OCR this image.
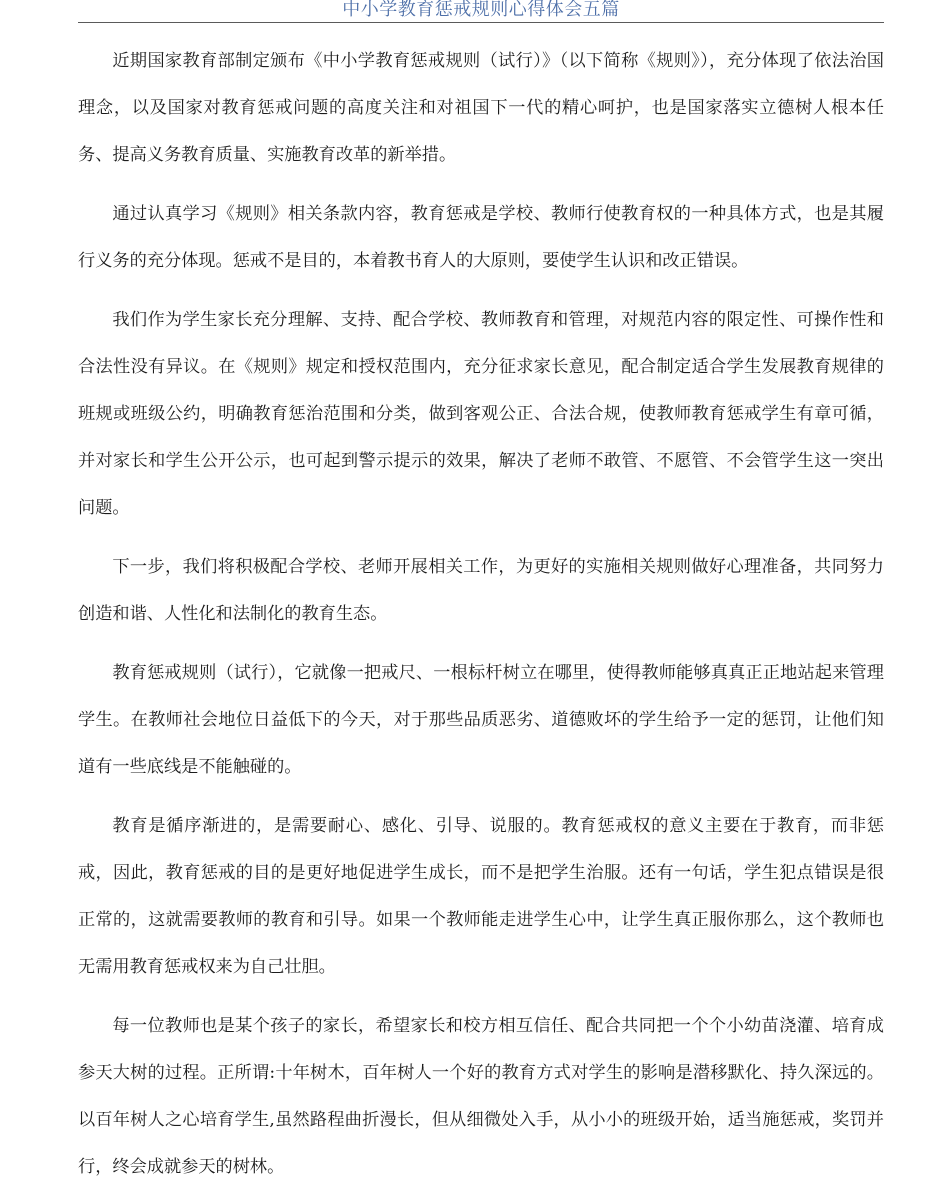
中小学教育惩戒规则心得体会五篇

近期国家教育部制定颁布《中小学教育惩戒规则（试行）》（以下简称《规则》），充分体现了依法治国理念，以及国家对教育惩戒问题的高度关注和对祖国下一代的精心呵护，也是国家落实立德树人根本任务、提高义务教育质量、实施教育改革的新举措。

通过认真学习《规则》相关条款内容，教育惩戒是学校、教师行使教育权的一种具体方式，也是其履行义务的充分体现。惩戒不是目的，本着教书育人的大原则，要使学生认识和改正错误。

我们作为学生家长充分理解、支持、配合学校、教师教育和管理，对规范内容的限定性、可操作性和合法性没有异议。在《规则》规定和授权范围内，充分征求家长意见，配合制定适合学生发展教育规律的班规或班级公约，明确教育惩治范围和分类，做到客观公正、合法合规，使教师教育惩戒学生有章可循，并对家长和学生公开公示，也可起到警示提示的效果，解决了老师不敢管、不愿管、不会管学生这一突出问题。

下一步，我们将积极配合学校、老师开展相关工作，为更好的实施相关规则做好心理准备，共同努力创造和谐、人性化和法制化的教育生态。

教育惩戒规则（试行），它就像一把戒尺、一根标杆树立在哪里，使得教师能够真真正正地站起来管理学生。在教师社会地位日益低下的今天，对于那些品质恶劣、道德败坏的学生给予一定的惩罚，让他们知道有一些底线是不能触碰的。

教育是循序渐进的，是需要耐心、感化、引导、说服的。教育惩戒权的意义主要在于教育，而非惩戒，因此，教育惩戒的目的是更好地促进学生成长，而不是把学生治服。还有一句话，学生犯点错误是很正常的，这就需要教师的教育和引导。如果一个教师能走进学生心中，让学生真正服你那么，这个教师也无需用教育惩戒权来为自己壮胆。

每一位教师也是某个孩子的家长，希望家长和校方相互信任、配合共同把一个个小幼苗浇灌、培育成参天大树的过程。正所谓:十年树木，百年树人一个好的教育方式对学生的影响是潜移默化、持久深远的。以百年树人之心培育学生,虽然路程曲折漫长，但从细微处入手，从小小的班级开始，适当施惩戒，奖罚并行，终会成就参天的树林。
